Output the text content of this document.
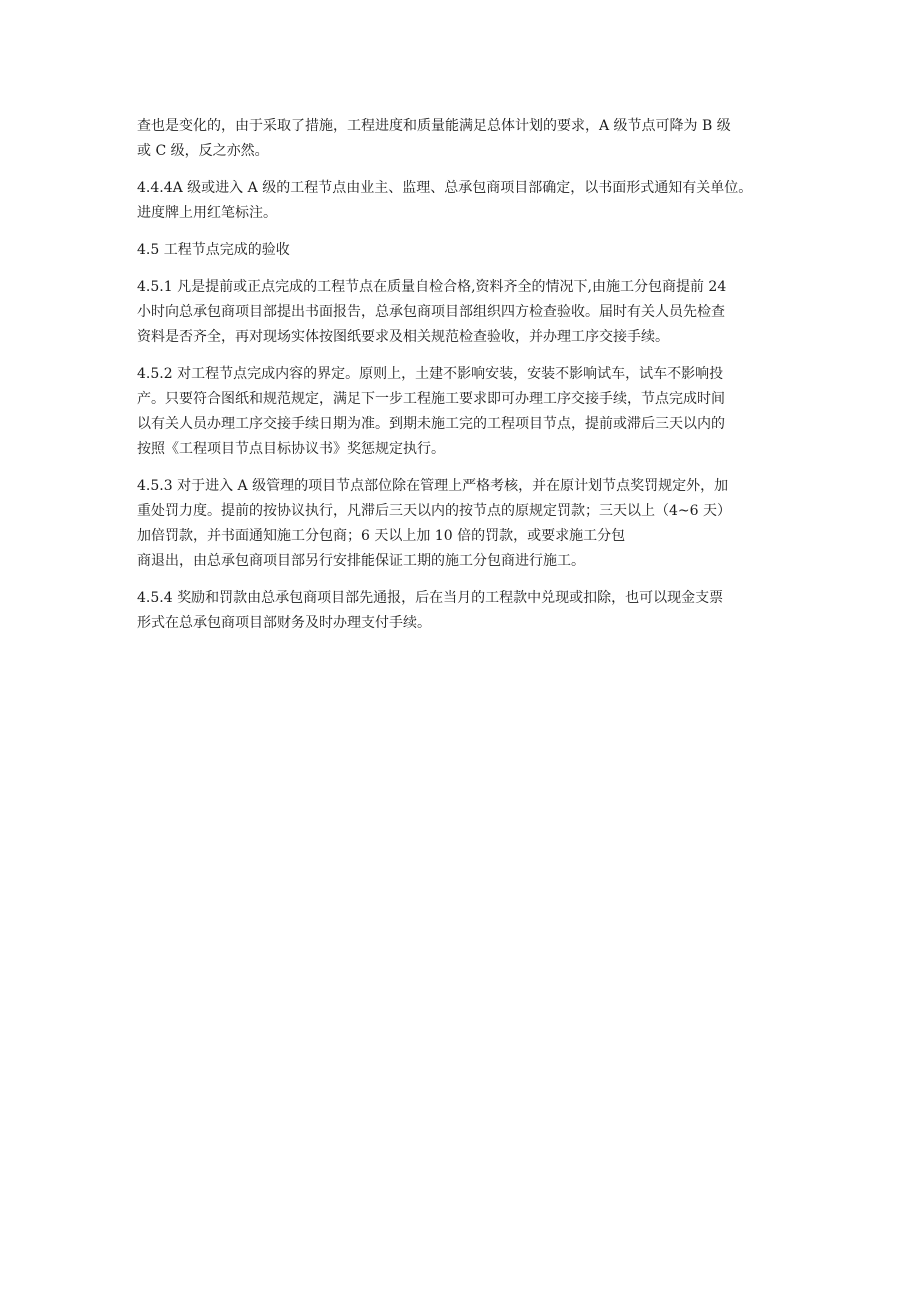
查也是变化的，由于采取了措施，工程进度和质量能满足总体计划的要求，A 级节点可降为 B 级
或 C 级，反之亦然。

4.4.4A 级或进入 A 级的工程节点由业主、监理、总承包商项目部确定，以书面形式通知有关单位。
进度牌上用红笔标注。

4.5 工程节点完成的验收

4.5.1 凡是提前或正点完成的工程节点在质量自检合格,资料齐全的情况下,由施工分包商提前 24
小时向总承包商项目部提出书面报告，总承包商项目部组织四方检查验收。届时有关人员先检查
资料是否齐全，再对现场实体按图纸要求及相关规范检查验收，并办理工序交接手续。

4.5.2 对工程节点完成内容的界定。原则上，土建不影响安装，安装不影响试车，试车不影响投
产。只要符合图纸和规范规定，满足下一步工程施工要求即可办理工序交接手续，节点完成时间
以有关人员办理工序交接手续日期为准。到期未施工完的工程项目节点，提前或滞后三天以内的
按照《工程项目节点目标协议书》奖惩规定执行。

4.5.3 对于进入 A 级管理的项目节点部位除在管理上严格考核，并在原计划节点奖罚规定外，加
重处罚力度。提前的按协议执行，凡滞后三天以内的按节点的原规定罚款；三天以上（4~6 天）
加倍罚款，并书面通知施工分包商；6 天以上加 10 倍的罚款，或要求施工分包
商退出，由总承包商项目部另行安排能保证工期的施工分包商进行施工。

4.5.4 奖励和罚款由总承包商项目部先通报，后在当月的工程款中兑现或扣除，也可以现金支票
形式在总承包商项目部财务及时办理支付手续。
